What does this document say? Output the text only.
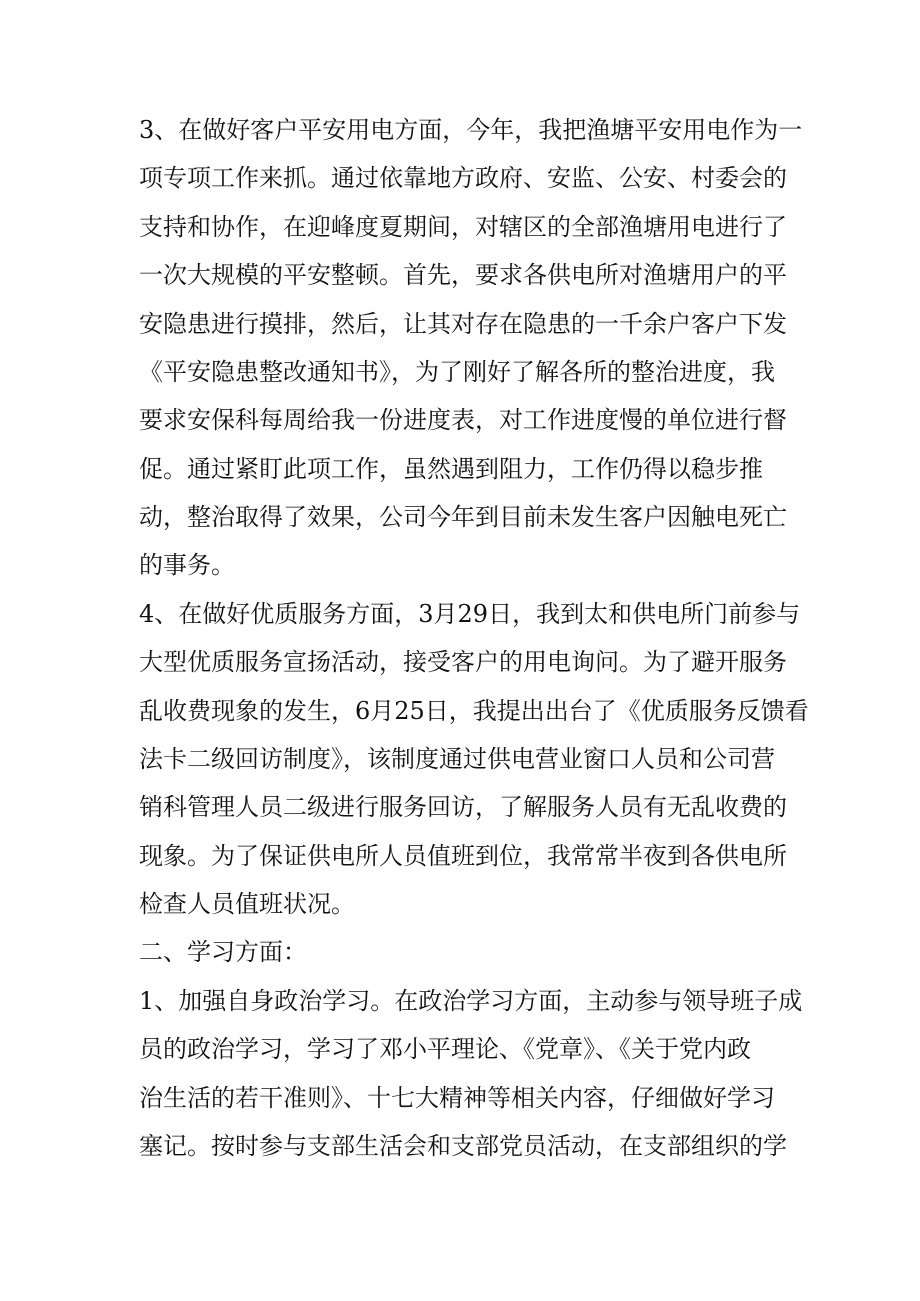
3、在做好客户平安用电方面，今年，我把渔塘平安用电作为一
项专项工作来抓。通过依靠地方政府、安监、公安、村委会的
支持和协作，在迎峰度夏期间，对辖区的全部渔塘用电进行了
一次大规模的平安整顿。首先，要求各供电所对渔塘用户的平
安隐患进行摸排，然后，让其对存在隐患的一千余户客户下发
《平安隐患整改通知书》，为了刚好了解各所的整治进度，我
要求安保科每周给我一份进度表，对工作进度慢的单位进行督
促。通过紧盯此项工作，虽然遇到阻力，工作仍得以稳步推
动，整治取得了效果，公司今年到目前未发生客户因触电死亡
的事务。
4、在做好优质服务方面，3月29日，我到太和供电所门前参与
大型优质服务宣扬活动，接受客户的用电询问。为了避开服务
乱收费现象的发生，6月25日，我提出出台了《优质服务反馈看
法卡二级回访制度》，该制度通过供电营业窗口人员和公司营
销科管理人员二级进行服务回访，了解服务人员有无乱收费的
现象。为了保证供电所人员值班到位，我常常半夜到各供电所
检查人员值班状况。
二、学习方面：
1、加强自身政治学习。在政治学习方面，主动参与领导班子成
员的政治学习，学习了邓小平理论、《党章》、《关于党内政
治生活的若干准则》、十七大精神等相关内容，仔细做好学习
塞记。按时参与支部生活会和支部党员活动，在支部组织的学
